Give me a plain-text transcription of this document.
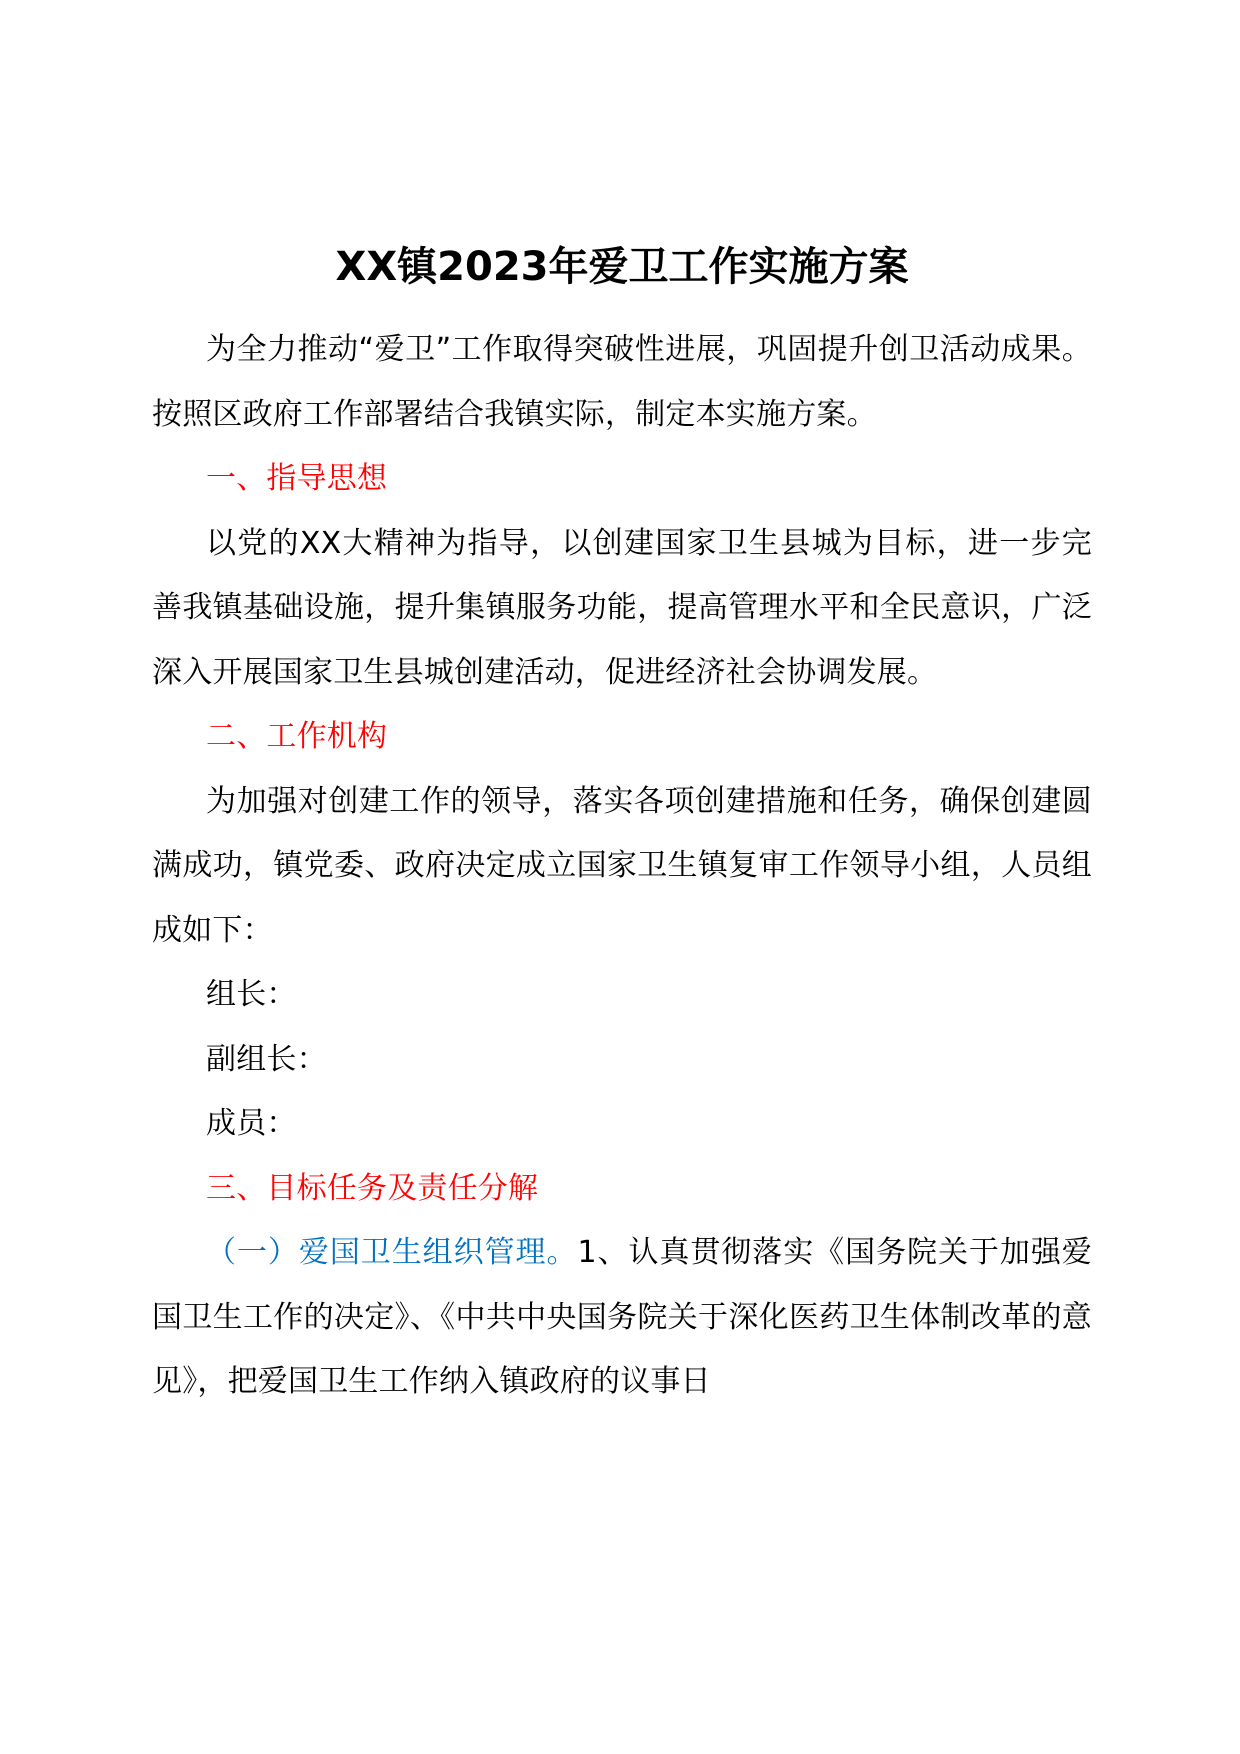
XX镇2023年爱卫工作实施方案

为全力推动“爱卫”工作取得突破性进展，巩固提升创卫活动成果。按照区政府工作部署结合我镇实际，制定本实施方案。

一、指导思想

以党的XX大精神为指导，以创建国家卫生县城为目标，进一步完善我镇基础设施，提升集镇服务功能，提高管理水平和全民意识，广泛深入开展国家卫生县城创建活动，促进经济社会协调发展。

二、工作机构

为加强对创建工作的领导，落实各项创建措施和任务，确保创建圆满成功，镇党委、政府决定成立国家卫生镇复审工作领导小组，人员组成如下：

组长：

副组长：

成员：

三、目标任务及责任分解

（一）爱国卫生组织管理。1、认真贯彻落实《国务院关于加强爱国卫生工作的决定》、《中共中央国务院关于深化医药卫生体制改革的意见》，把爱国卫生工作纳入镇政府的议事日
